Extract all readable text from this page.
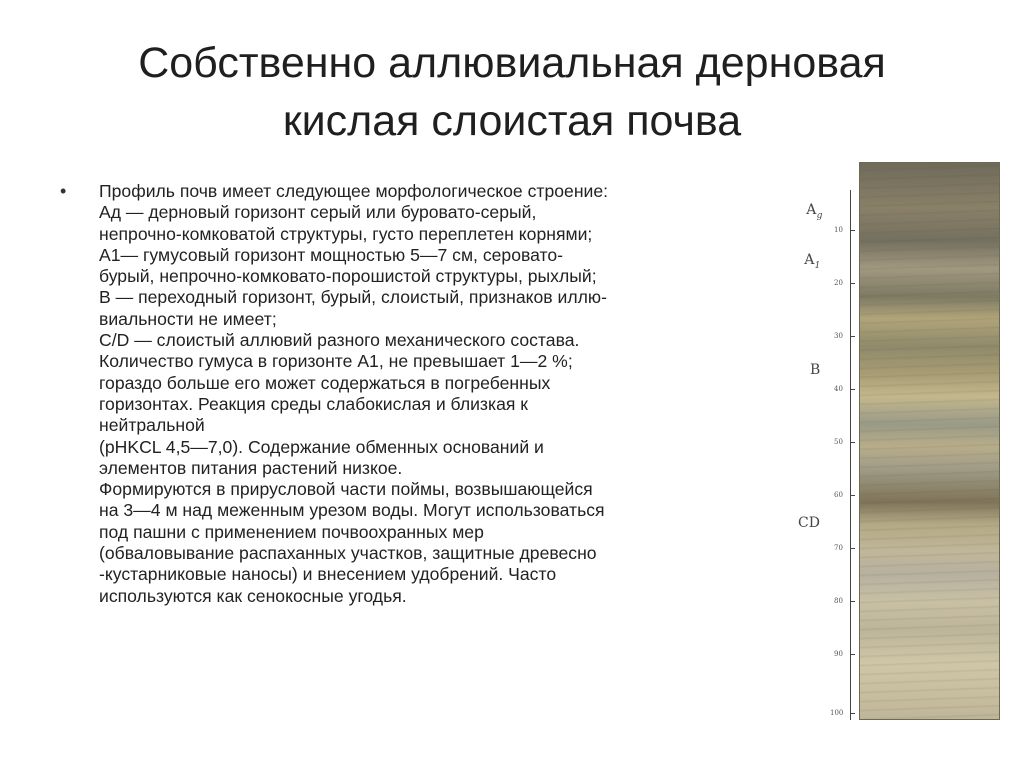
Собственно аллювиальная дерновая
кислая слоистая почва
• Профиль почв имеет следующее морфологическое строение:
Ад — дерновый горизонт серый или буровато-серый,
непрочно-комковатой структуры, густо переплетен корнями;
А1— гумусовый горизонт мощностью 5—7 см, серовато-
бурый, непрочно-комковато-порошистой структуры, рыхлый;
В — переходный горизонт, бурый, слоистый, признаков иллю-
виальности не имеет;
C/D — слоистый аллювий разного механического состава.
Количество гумуса в горизонте А1, не превышает 1—2 %;
гораздо больше его может содержаться в погребенных
горизонтах. Реакция среды слабокислая и близкая к
нейтральной
(pHKCL 4,5—7,0). Содержание обменных оснований и
элементов питания растений низкое.
Формируются в прирусловой части поймы, возвышающейся
на 3—4 м над меженным урезом воды. Могут использоваться
под пашни с применением почвоохранных мер
(обваловывание распаханных участков, защитные древесно
-кустарниковые наносы) и внесением удобрений. Часто
используются как сенокосные угодья.
10
20
30
40
50
60
70
80
90
100
$А_g$
$А_1$
В
CD
